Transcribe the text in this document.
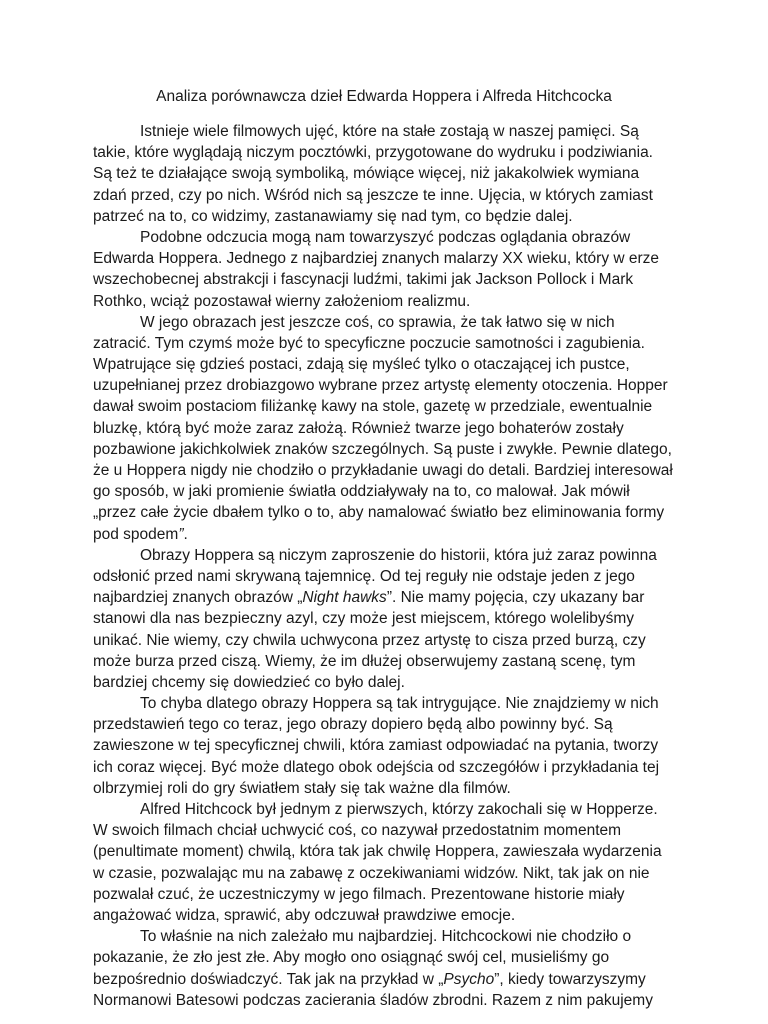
Analiza porównawcza dzieł Edwarda Hoppera i Alfreda Hitchcocka
Istnieje wiele filmowych ujęć, które na stałe zostają w naszej pamięci. Są
takie, które wyglądają niczym pocztówki, przygotowane do wydruku i podziwiania.
Są też te działające swoją symboliką, mówiące więcej, niż jakakolwiek wymiana
zdań przed, czy po nich. Wśród nich są jeszcze te inne. Ujęcia, w których zamiast
patrzeć na to, co widzimy, zastanawiamy się nad tym, co będzie dalej.
Podobne odczucia mogą nam towarzyszyć podczas oglądania obrazów
Edwarda Hoppera. Jednego z najbardziej znanych malarzy XX wieku, który w erze
wszechobecnej abstrakcji i fascynacji ludźmi, takimi jak Jackson Pollock i Mark
Rothko, wciąż pozostawał wierny założeniom realizmu.
W jego obrazach jest jeszcze coś, co sprawia, że tak łatwo się w nich
zatracić. Tym czymś może być to specyficzne poczucie samotności i zagubienia.
Wpatrujące się gdzieś postaci, zdają się myśleć tylko o otaczającej ich pustce,
uzupełnianej przez drobiazgowo wybrane przez artystę elementy otoczenia. Hopper
dawał swoim postaciom filiżankę kawy na stole, gazetę w przedziale, ewentualnie
bluzkę, którą być może zaraz założą. Również twarze jego bohaterów zostały
pozbawione jakichkolwiek znaków szczególnych. Są puste i zwykłe. Pewnie dlatego,
że u Hoppera nigdy nie chodziło o przykładanie uwagi do detali. Bardziej interesował
go sposób, w jaki promienie światła oddziaływały na to, co malował. Jak mówił
„przez całe życie dbałem tylko o to, aby namalować światło bez eliminowania formy
pod spodem”.
Obrazy Hoppera są niczym zaproszenie do historii, która już zaraz powinna
odsłonić przed nami skrywaną tajemnicę. Od tej reguły nie odstaje jeden z jego
najbardziej znanych obrazów „Night hawks”. Nie mamy pojęcia, czy ukazany bar
stanowi dla nas bezpieczny azyl, czy może jest miejscem, którego wolelibyśmy
unikać. Nie wiemy, czy chwila uchwycona przez artystę to cisza przed burzą, czy
może burza przed ciszą. Wiemy, że im dłużej obserwujemy zastaną scenę, tym
bardziej chcemy się dowiedzieć co było dalej.
To chyba dlatego obrazy Hoppera są tak intrygujące. Nie znajdziemy w nich
przedstawień tego co teraz, jego obrazy dopiero będą albo powinny być. Są
zawieszone w tej specyficznej chwili, która zamiast odpowiadać na pytania, tworzy
ich coraz więcej. Być może dlatego obok odejścia od szczegółów i przykładania tej
olbrzymiej roli do gry światłem stały się tak ważne dla filmów.
Alfred Hitchcock był jednym z pierwszych, którzy zakochali się w Hopperze.
W swoich filmach chciał uchwycić coś, co nazywał przedostatnim momentem
(penultimate moment) chwilą, która tak jak chwilę Hoppera, zawieszała wydarzenia
w czasie, pozwalając mu na zabawę z oczekiwaniami widzów. Nikt, tak jak on nie
pozwalał czuć, że uczestniczymy w jego filmach. Prezentowane historie miały
angażować widza, sprawić, aby odczuwał prawdziwe emocje.
To właśnie na nich zależało mu najbardziej. Hitchcockowi nie chodziło o
pokazanie, że zło jest złe. Aby mogło ono osiągnąć swój cel, musieliśmy go
bezpośrednio doświadczyć. Tak jak na przykład w „Psycho”, kiedy towarzyszymy
Normanowi Batesowi podczas zacierania śladów zbrodni. Razem z nim pakujemy
